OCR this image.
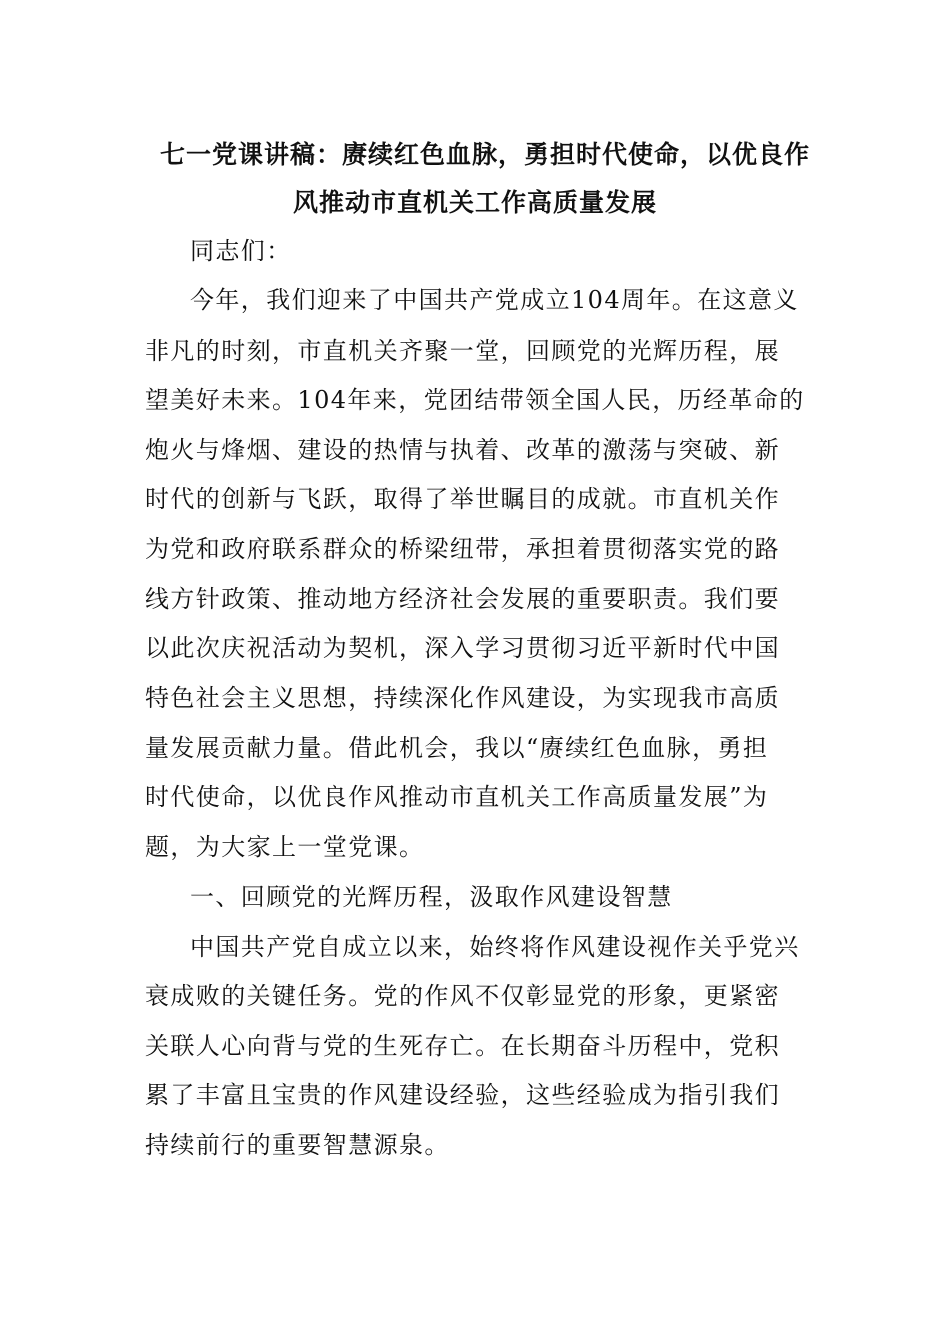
七一党课讲稿：赓续红色血脉，勇担时代使命，以优良作
风推动市直机关工作高质量发展
同志们：
今年，我们迎来了中国共产党成立104周年。在这意义
非凡的时刻，市直机关齐聚一堂，回顾党的光辉历程，展
望美好未来。104年来，党团结带领全国人民，历经革命的
炮火与烽烟、建设的热情与执着、改革的激荡与突破、新
时代的创新与飞跃，取得了举世瞩目的成就。市直机关作
为党和政府联系群众的桥梁纽带，承担着贯彻落实党的路
线方针政策、推动地方经济社会发展的重要职责。我们要
以此次庆祝活动为契机，深入学习贯彻习近平新时代中国
特色社会主义思想，持续深化作风建设，为实现我市高质
量发展贡献力量。借此机会，我以“赓续红色血脉，勇担
时代使命，以优良作风推动市直机关工作高质量发展”为
题，为大家上一堂党课。
一、回顾党的光辉历程，汲取作风建设智慧
中国共产党自成立以来，始终将作风建设视作关乎党兴
衰成败的关键任务。党的作风不仅彰显党的形象，更紧密
关联人心向背与党的生死存亡。在长期奋斗历程中，党积
累了丰富且宝贵的作风建设经验，这些经验成为指引我们
持续前行的重要智慧源泉。
